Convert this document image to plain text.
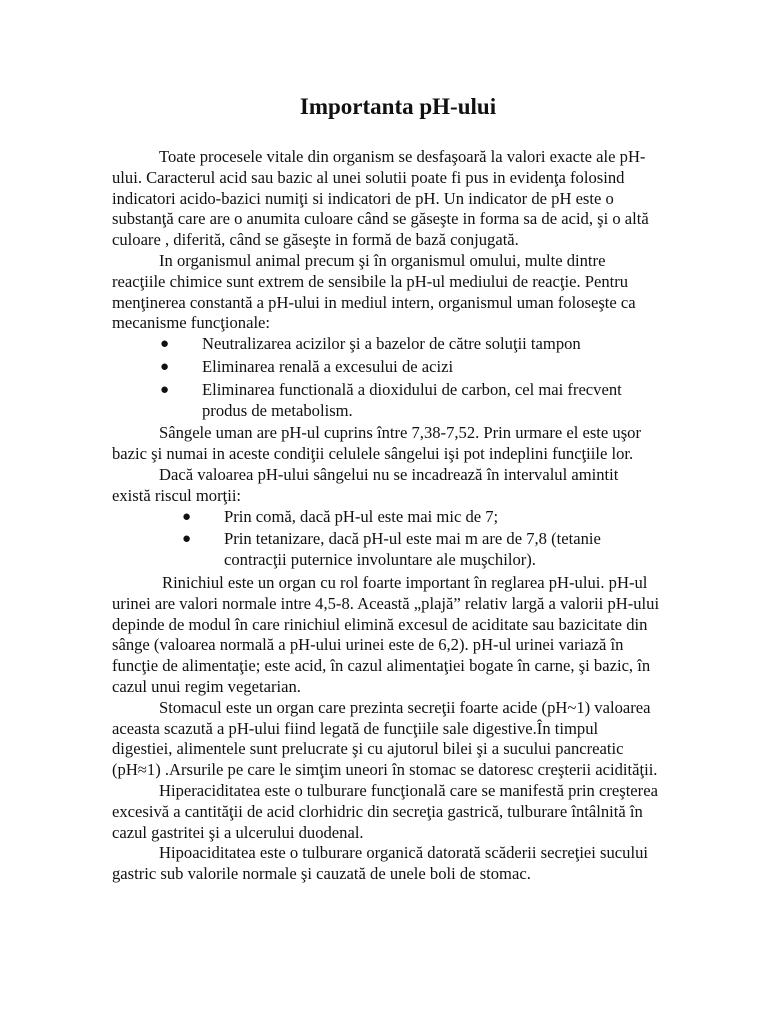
Importanta pH-ului

Toate procesele vitale din organism se desfaşoară la valori exacte ale pH-ului. Caracterul acid sau bazic al unei solutii poate fi pus in evidenţa folosind indicatori acido-bazici numiţi si indicatori de pH. Un indicator de pH este o substanţă care are o anumita culoare când se găseşte in forma sa de acid, şi o altă culoare , diferită, când se găseşte in formă de bază conjugată.

In organismul animal precum şi în organismul omului, multe dintre reacţiile chimice sunt extrem de sensibile la pH-ul mediului de reacţie. Pentru menţinerea constantă a pH-ului in mediul intern, organismul uman foloseşte ca mecanisme funcţionale:

● Neutralizarea acizilor şi a bazelor de către soluţii tampon
● Eliminarea renală a excesului de acizi
● Eliminarea functională a dioxidului de carbon, cel mai frecvent produs de metabolism.

Sângele uman are pH-ul cuprins între 7,38-7,52. Prin urmare el este uşor bazic şi numai in aceste condiţii celulele sângelui işi pot indeplini funcţiile lor.

Dacă valoarea pH-ului sângelui nu se incadrează în intervalul amintit există riscul morţii:

● Prin comă, dacă pH-ul este mai mic de 7;
● Prin tetanizare, dacă pH-ul este mai m are de 7,8 (tetanie contracţii puternice involuntare ale muşchilor).

Rinichiul este un organ cu rol foarte important în reglarea pH-ului. pH-ul urinei are valori normale intre 4,5-8. Această „plajă” relativ largă a valorii pH-ului depinde de modul în care rinichiul elimină excesul de aciditate sau bazicitate din sânge (valoarea normală a pH-ului urinei este de 6,2). pH-ul urinei variază în funcţie de alimentaţie; este acid, în cazul alimentaţiei bogate în carne, şi bazic, în cazul unui regim vegetarian.

Stomacul este un organ care prezinta secreţii foarte acide (pH~1) valoarea aceasta scazută a pH-ului fiind legată de funcţiile sale digestive.În timpul digestiei, alimentele sunt prelucrate şi cu ajutorul bilei şi a sucului pancreatic (pH≈1) .Arsurile pe care le simţim uneori în stomac se datoresc creşterii acidităţii.

Hiperaciditatea este o tulburare funcţională care se manifestă prin creşterea excesivă a cantităţii de acid clorhidric din secreţia gastrică, tulburare întâlnită în cazul gastritei şi a ulcerului duodenal.

Hipoaciditatea este o tulburare organică datorată scăderii secreţiei sucului gastric sub valorile normale şi cauzată de unele boli de stomac.
